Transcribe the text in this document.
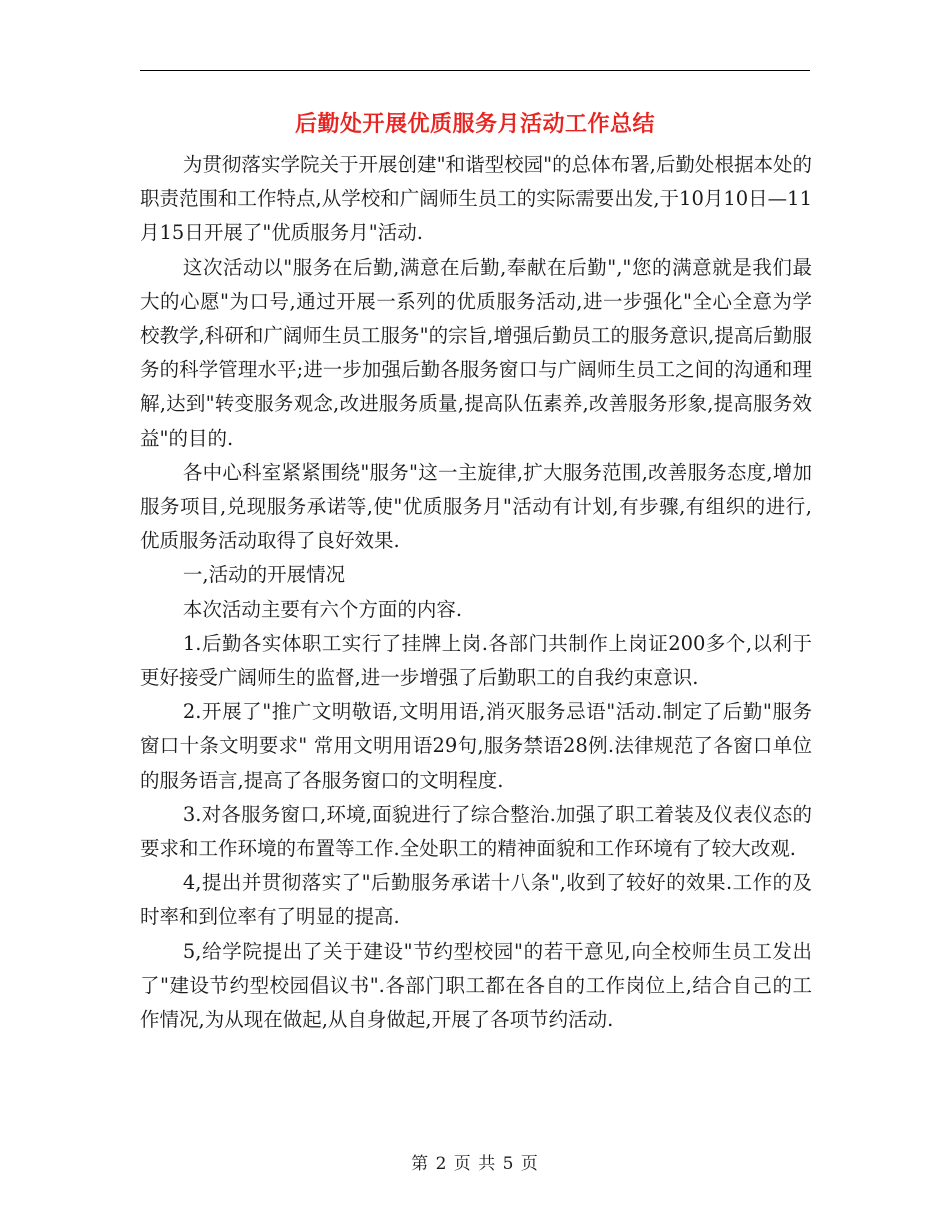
后勤处开展优质服务月活动工作总结

为贯彻落实学院关于开展创建"和谐型校园"的总体布署,后勤处根据本处的职责范围和工作特点,从学校和广阔师生员工的实际需要出发,于10月10日—11月15日开展了"优质服务月"活动.

这次活动以"服务在后勤,满意在后勤,奉献在后勤","您的满意就是我们最大的心愿"为口号,通过开展一系列的优质服务活动,进一步强化"全心全意为学校教学,科研和广阔师生员工服务"的宗旨,增强后勤员工的服务意识,提高后勤服务的科学管理水平;进一步加强后勤各服务窗口与广阔师生员工之间的沟通和理解,达到"转变服务观念,改进服务质量,提高队伍素养,改善服务形象,提高服务效益"的目的.

各中心科室紧紧围绕"服务"这一主旋律,扩大服务范围,改善服务态度,增加服务项目,兑现服务承诺等,使"优质服务月"活动有计划,有步骤,有组织的进行,优质服务活动取得了良好效果.

一,活动的开展情况

本次活动主要有六个方面的内容.

1.后勤各实体职工实行了挂牌上岗.各部门共制作上岗证200多个,以利于更好接受广阔师生的监督,进一步增强了后勤职工的自我约束意识.

2.开展了"推广文明敬语,文明用语,消灭服务忌语"活动.制定了后勤"服务窗口十条文明要求" 常用文明用语29句,服务禁语28例.法律规范了各窗口单位的服务语言,提高了各服务窗口的文明程度.

3.对各服务窗口,环境,面貌进行了综合整治.加强了职工着装及仪表仪态的要求和工作环境的布置等工作.全处职工的精神面貌和工作环境有了较大改观.

4,提出并贯彻落实了"后勤服务承诺十八条",收到了较好的效果.工作的及时率和到位率有了明显的提高.

5,给学院提出了关于建设"节约型校园"的若干意见,向全校师生员工发出了"建设节约型校园倡议书".各部门职工都在各自的工作岗位上,结合自己的工作情况,为从现在做起,从自身做起,开展了各项节约活动.

第 2 页 共 5 页
